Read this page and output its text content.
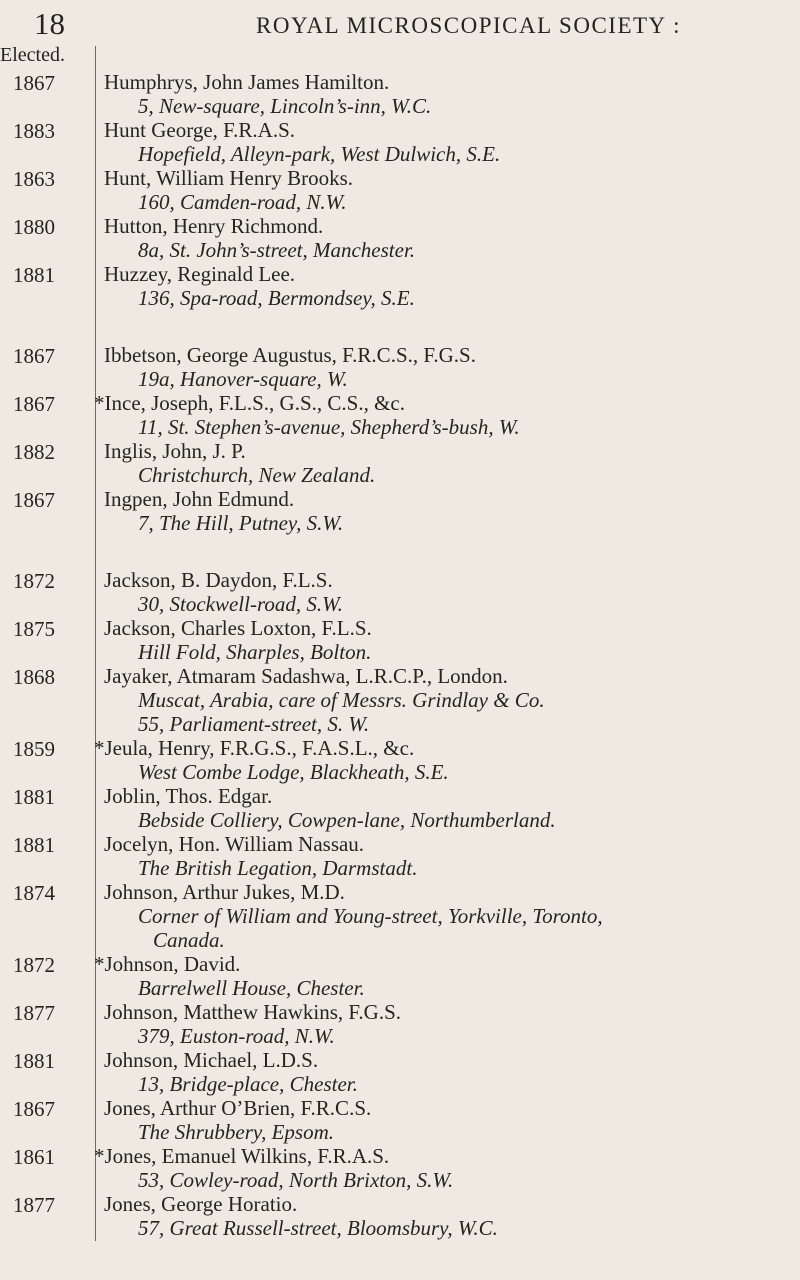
18	ROYAL MICROSCOPICAL SOCIETY :
Elected.
1867 Humphrys, John James Hamilton.
5, New-square, Lincoln’s-inn, W.C.
1883 Hunt George, F.R.A.S.
Hopefield, Alleyn-park, West Dulwich, S.E.
1863 Hunt, William Henry Brooks.
160, Camden-road, N.W.
1880 Hutton, Henry Richmond.
8a, St. John’s-street, Manchester.
1881 Huzzey, Reginald Lee.
136, Spa-road, Bermondsey, S.E.
1867 Ibbetson, George Augustus, F.R.C.S., F.G.S.
19a, Hanover-square, W.
1867 *Ince, Joseph, F.L.S., G.S., C.S., &c.
11, St. Stephen’s-avenue, Shepherd’s-bush, W.
1882 Inglis, John, J. P.
Christchurch, New Zealand.
1867 Ingpen, John Edmund.
7, The Hill, Putney, S.W.
1872 Jackson, B. Daydon, F.L.S.
30, Stockwell-road, S.W.
1875 Jackson, Charles Loxton, F.L.S.
Hill Fold, Sharples, Bolton.
1868 Jayaker, Atmaram Sadashwa, L.R.C.P., London.
Muscat, Arabia, care of Messrs. Grindlay & Co.
55, Parliament-street, S. W.
1859 *Jeula, Henry, F.R.G.S., F.A.S.L., &c.
West Combe Lodge, Blackheath, S.E.
1881 Joblin, Thos. Edgar.
Bebside Colliery, Cowpen-lane, Northumberland.
1881 Jocelyn, Hon. William Nassau.
The British Legation, Darmstadt.
1874 Johnson, Arthur Jukes, M.D.
Corner of William and Young-street, Yorkville, Toronto,
Canada.
1872 *Johnson, David.
Barrelwell House, Chester.
1877 Johnson, Matthew Hawkins, F.G.S.
379, Euston-road, N.W.
1881 Johnson, Michael, L.D.S.
13, Bridge-place, Chester.
1867 Jones, Arthur O’Brien, F.R.C.S.
The Shrubbery, Epsom.
1861 *Jones, Emanuel Wilkins, F.R.A.S.
53, Cowley-road, North Brixton, S.W.
1877 Jones, George Horatio.
57, Great Russell-street, Bloomsbury, W.C.
